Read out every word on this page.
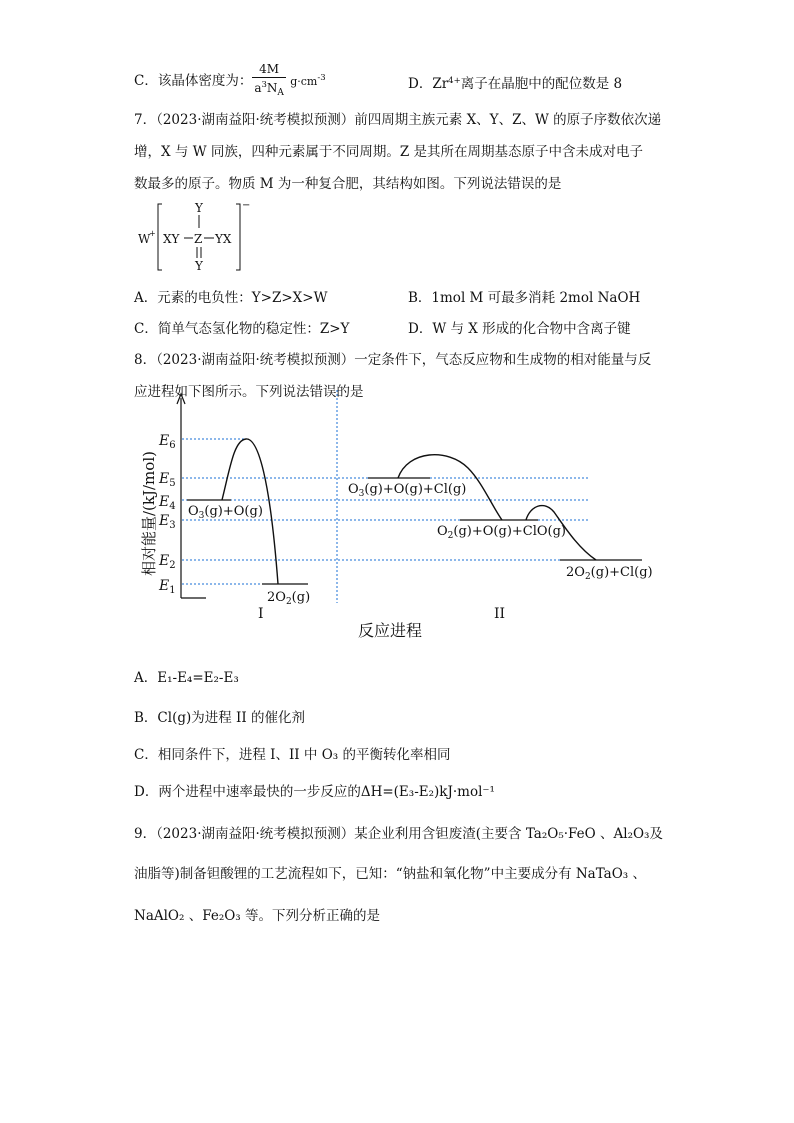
C．该晶体密度为： $\frac{4M}{a^3N_A} g\cdot cm^{-3}$	D．$Zr^{4+}$离子在晶胞中的配位数是 8
7．（2023·湖南益阳·统考模拟预测）前四周期主族元素 X、Y、Z、W 的原子序数依次递
增，X 与 W 同族，四种元素属于不同周期。Z 是其所在周期基态原子中含未成对电子
数最多的原子。物质 M 为一种复合肥，其结构如图。下列说法错误的是
W
+
−
Y
XY Z YX
Y
A．元素的电负性：Y>Z>X>W	B．1mol M 可最多消耗 2mol NaOH
C．简单气态氢化物的稳定性：Z>Y	D．W 与 X 形成的化合物中含离子键
8．（2023·湖南益阳·统考模拟预测）一定条件下，气态反应物和生成物的相对能量与反
应进程如下图所示。下列说法错误的是
相对能量/(kJ/mol)
$E_6$
$E_5$
$E_4$
$E_3$
$E_2$
$E_1$
$O_3(g)+O(g)$
$2O_2(g)$
$O_3(g)+O(g)+Cl(g)$
$O_2(g)+O(g)+ClO(g)$
$2O_2(g)+Cl(g)$
I	II
反应进程
A．E₁-E₄=E₂-E₃
B．Cl(g)为进程 II 的催化剂
C．相同条件下，进程 I、II 中 O₃ 的平衡转化率相同
D．两个进程中速率最快的一步反应的ΔH=(E₃-E₂)kJ·mol⁻¹
9．（2023·湖南益阳·统考模拟预测）某企业利用含钽废渣(主要含 Ta₂O₅·FeO 、Al₂O₃及
油脂等)制备钽酸锂的工艺流程如下，已知：“钠盐和氧化物”中主要成分有 NaTaO₃ 、
NaAlO₂ 、Fe₂O₃ 等。下列分析正确的是
